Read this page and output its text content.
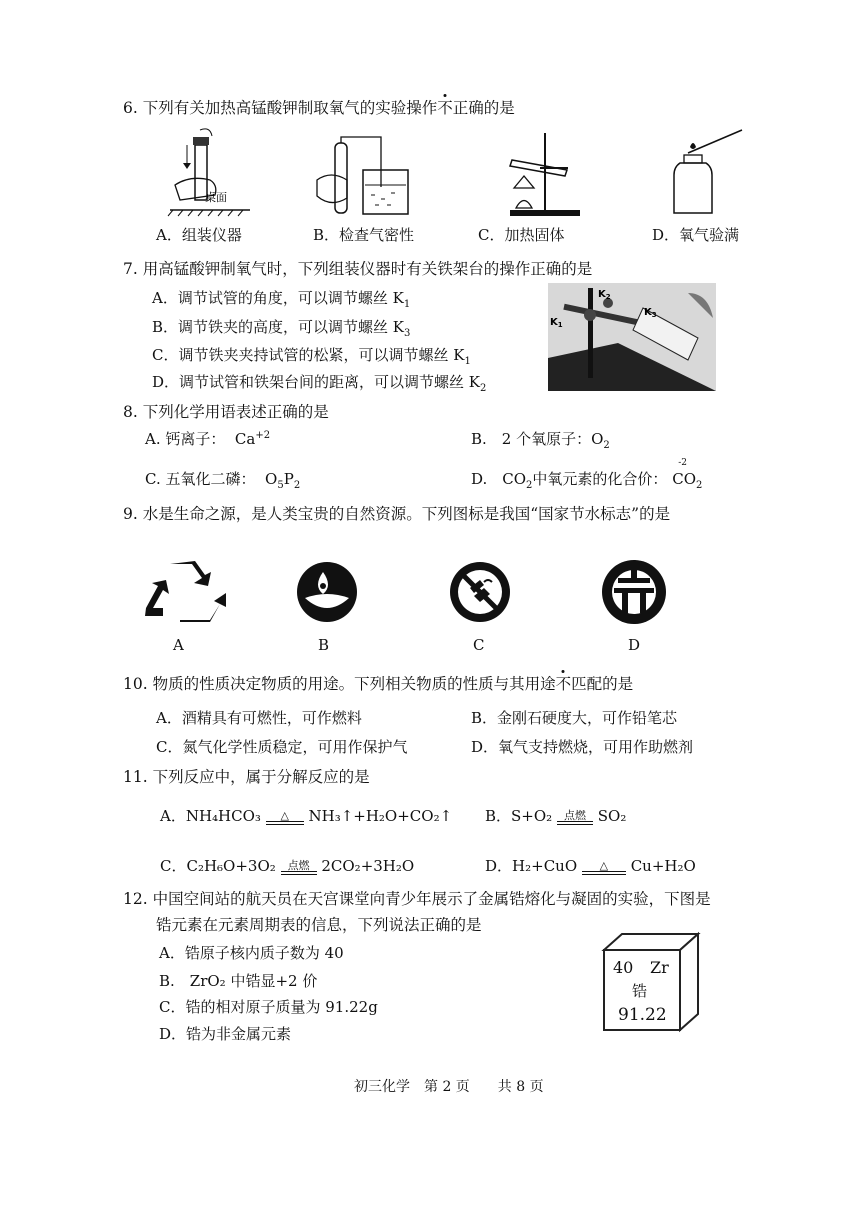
6. 下列有关加热高锰酸钾制取氧气的实验操作不正确的是
桌面
A．组装仪器	B．检查气密性	C．加热固体	D．氧气验满
7. 用高锰酸钾制氧气时，下列组装仪器时有关铁架台的操作正确的是
A．调节试管的角度，可以调节螺丝 $K_1$
B．调节铁夹的高度，可以调节螺丝 $K_3$
C．调节铁夹夹持试管的松紧，可以调节螺丝 $K_1$
D．调节试管和铁架台间的距离，可以调节螺丝 $K_2$
$K_2$
$K_1$
$K_3$
8. 下列化学用语表述正确的是
A. 钙离子： $Ca^{+2}$	B.　2 个氧原子：$O_2$
C. 五氧化二磷： $O_5P_2$	D.　$CO_2$中氧元素的化合价：
-2
$CO_2$
9. 水是生命之源，是人类宝贵的自然资源。下列图标是我国“国家节水标志”的是
A	B	C	D
10. 物质的性质决定物质的用途。下列相关物质的性质与其用途不匹配的是
A．酒精具有可燃性，可作燃料	B．金刚石硬度大，可作铅笔芯
C．氮气化学性质稳定，可用作保护气	D．氧气支持燃烧，可用作助燃剂
11. 下列反应中，属于分解反应的是
A．NH₄HCO₃	△	NH₃↑+H₂O+CO₂↑ B．S+O₂	点燃 SO₂
C．C₂H₆O+3O₂	点燃 2CO₂+3H₂O	D．H₂+CuO	△	Cu+H₂O
12. 中国空间站的航天员在天宫课堂向青少年展示了金属锆熔化与凝固的实验，下图是
锆元素在元素周期表的信息，下列说法正确的是
A．锆原子核内质子数为 40
B.　ZrO₂ 中锆显+2 价
C．锆的相对原子质量为 91.22g
D．锆为非金属元素
40 Zr
锆
91.22
初三化学　第 2 页　　共 8 页
